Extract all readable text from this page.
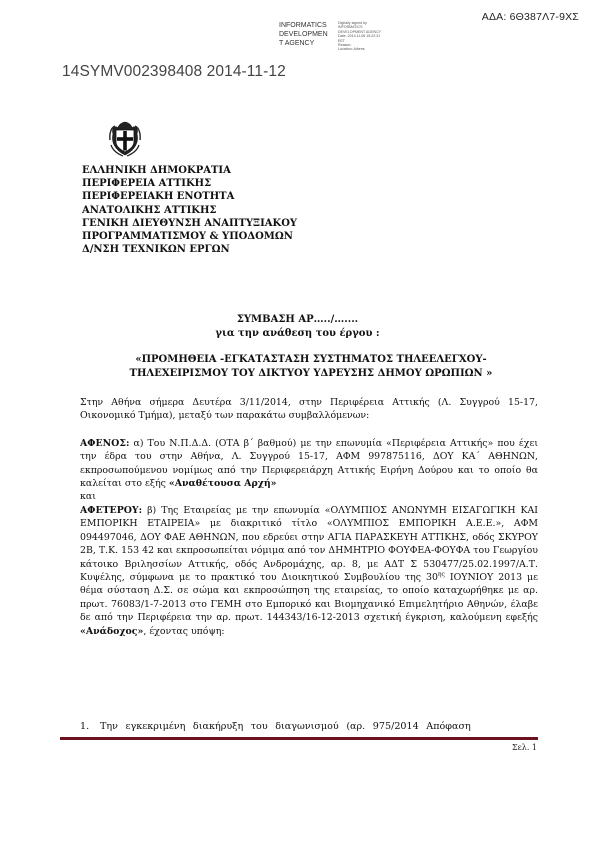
ΑΔΑ: 6Θ387Λ7-9ΧΣ
INFORMATICS
DEVELOPMEN
T AGENCY
Digitally signed by
INFORMATICS
DEVELOPMENT AGENCY
Date: 2014.11.06 15:22:31
EET
Reason:
Location: Athens
14SYMV002398408 2014-11-12
ΕΛΛΗΝΙΚΗ ΔΗΜΟΚΡΑΤΙΑ
ΠΕΡΙΦΕΡΕΙΑ ΑΤΤΙΚΗΣ
ΠΕΡΙΦΕΡΕΙΑΚΗ ΕΝΟΤΗΤΑ
ΑΝΑΤΟΛΙΚΗΣ ΑΤΤΙΚΗΣ
ΓΕΝΙΚΗ ΔΙΕΥΘΥΝΣΗ ΑΝΑΠΤΥΞΙΑΚΟΥ
ΠΡΟΓΡΑΜΜΑΤΙΣΜΟΥ & ΥΠΟΔΟΜΩΝ
Δ/ΝΣΗ ΤΕΧΝΙΚΩΝ ΕΡΓΩΝ
ΣΥΜΒΑΣΗ ΑΡ…../…....
για την ανάθεση του έργου :
«ΠΡΟΜΗΘΕΙΑ -ΕΓΚΑΤΑΣΤΑΣΗ ΣΥΣΤΗΜΑΤΟΣ ΤΗΛΕΕΛΕΓΧΟΥ-
ΤΗΛΕΧΕΙΡΙΣΜΟΥ ΤΟΥ ΔΙΚΤΥΟΥ ΥΔΡΕΥΣΗΣ ΔΗΜΟΥ ΩΡΩΠΙΩΝ »
Στην Αθήνα σήμερα Δευτέρα 3/11/2014, στην Περιφέρεια Αττικής (Λ. Συγγρού 15-17, Οικονομικό Τμήμα), μεταξύ των παρακάτω συμβαλλόμενων:
ΑΦΕΝΟΣ: α) Του Ν.Π.Δ.Δ. (ΟΤΑ β΄ βαθμού) με την επωνυμία «Περιφέρεια Αττικής» που έχει την έδρα του στην Αθήνα, Λ. Συγγρού 15-17, ΑΦΜ 997875116, ΔΟΥ ΚΑ΄ ΑΘΗΝΩΝ, εκπροσωπούμενου νομίμως από την Περιφερειάρχη Αττικής Ειρήνη Δούρου και το οποίο θα καλείται στο εξής «Αναθέτουσα Αρχή»
και
ΑΦΕΤΕΡΟΥ: β) Της Εταιρείας με την επωνυμία «ΟΛΥΜΠΙΟΣ ΑΝΩΝΥΜΗ ΕΙΣΑΓΩΓΙΚΗ ΚΑΙ ΕΜΠΟΡΙΚΗ ΕΤΑΙΡΕΙΑ» με διακριτικό τίτλο «ΟΛΥΜΠΙΟΣ ΕΜΠΟΡΙΚΗ Α.Ε.Ε.», ΑΦΜ 094497046, ΔΟΥ ΦΑΕ ΑΘΗΝΩΝ, που εδρεύει στην ΑΓΙΑ ΠΑΡΑΣΚΕΥΗ ΑΤΤΙΚΗΣ, οδός ΣΚΥΡΟΥ 2Β, Τ.Κ. 153 42 και εκπροσωπείται νόμιμα από τον ΔΗΜΗΤΡΙΟ ΦΟΥΦΕΑ-ΦΟΥΦΑ του Γεωργίου κάτοικο Βριλησσίων Αττικής, οδός Ανδρομάχης, αρ. 8, με ΑΔΤ Σ 530477/25.02.1997/Α.Τ. Κυψέλης, σύμφωνα με το πρακτικό του Διοικητικού Συμβουλίου της $30^{\eta\varsigma}$ ΙΟΥΝΙΟΥ 2013 με θέμα σύσταση Δ.Σ. σε σώμα και εκπροσώπηση της εταιρείας, το οποίο καταχωρήθηκε με αρ. πρωτ. 76083/1-7-2013 στο ΓΕΜΗ στο Εμπορικό και Βιομηχανικό Επιμελητήριο Αθηνών, έλαβε δε από την Περιφέρεια την αρ. πρωτ. 144343/16-12-2013 σχετική έγκριση, καλούμενη εφεξής «Ανάδοχος», έχοντας υπόψη:
1.	Την εγκεκριμένη διακήρυξη του διαγωνισμού (αρ. 975/2014 Απόφαση
Σελ. 1
